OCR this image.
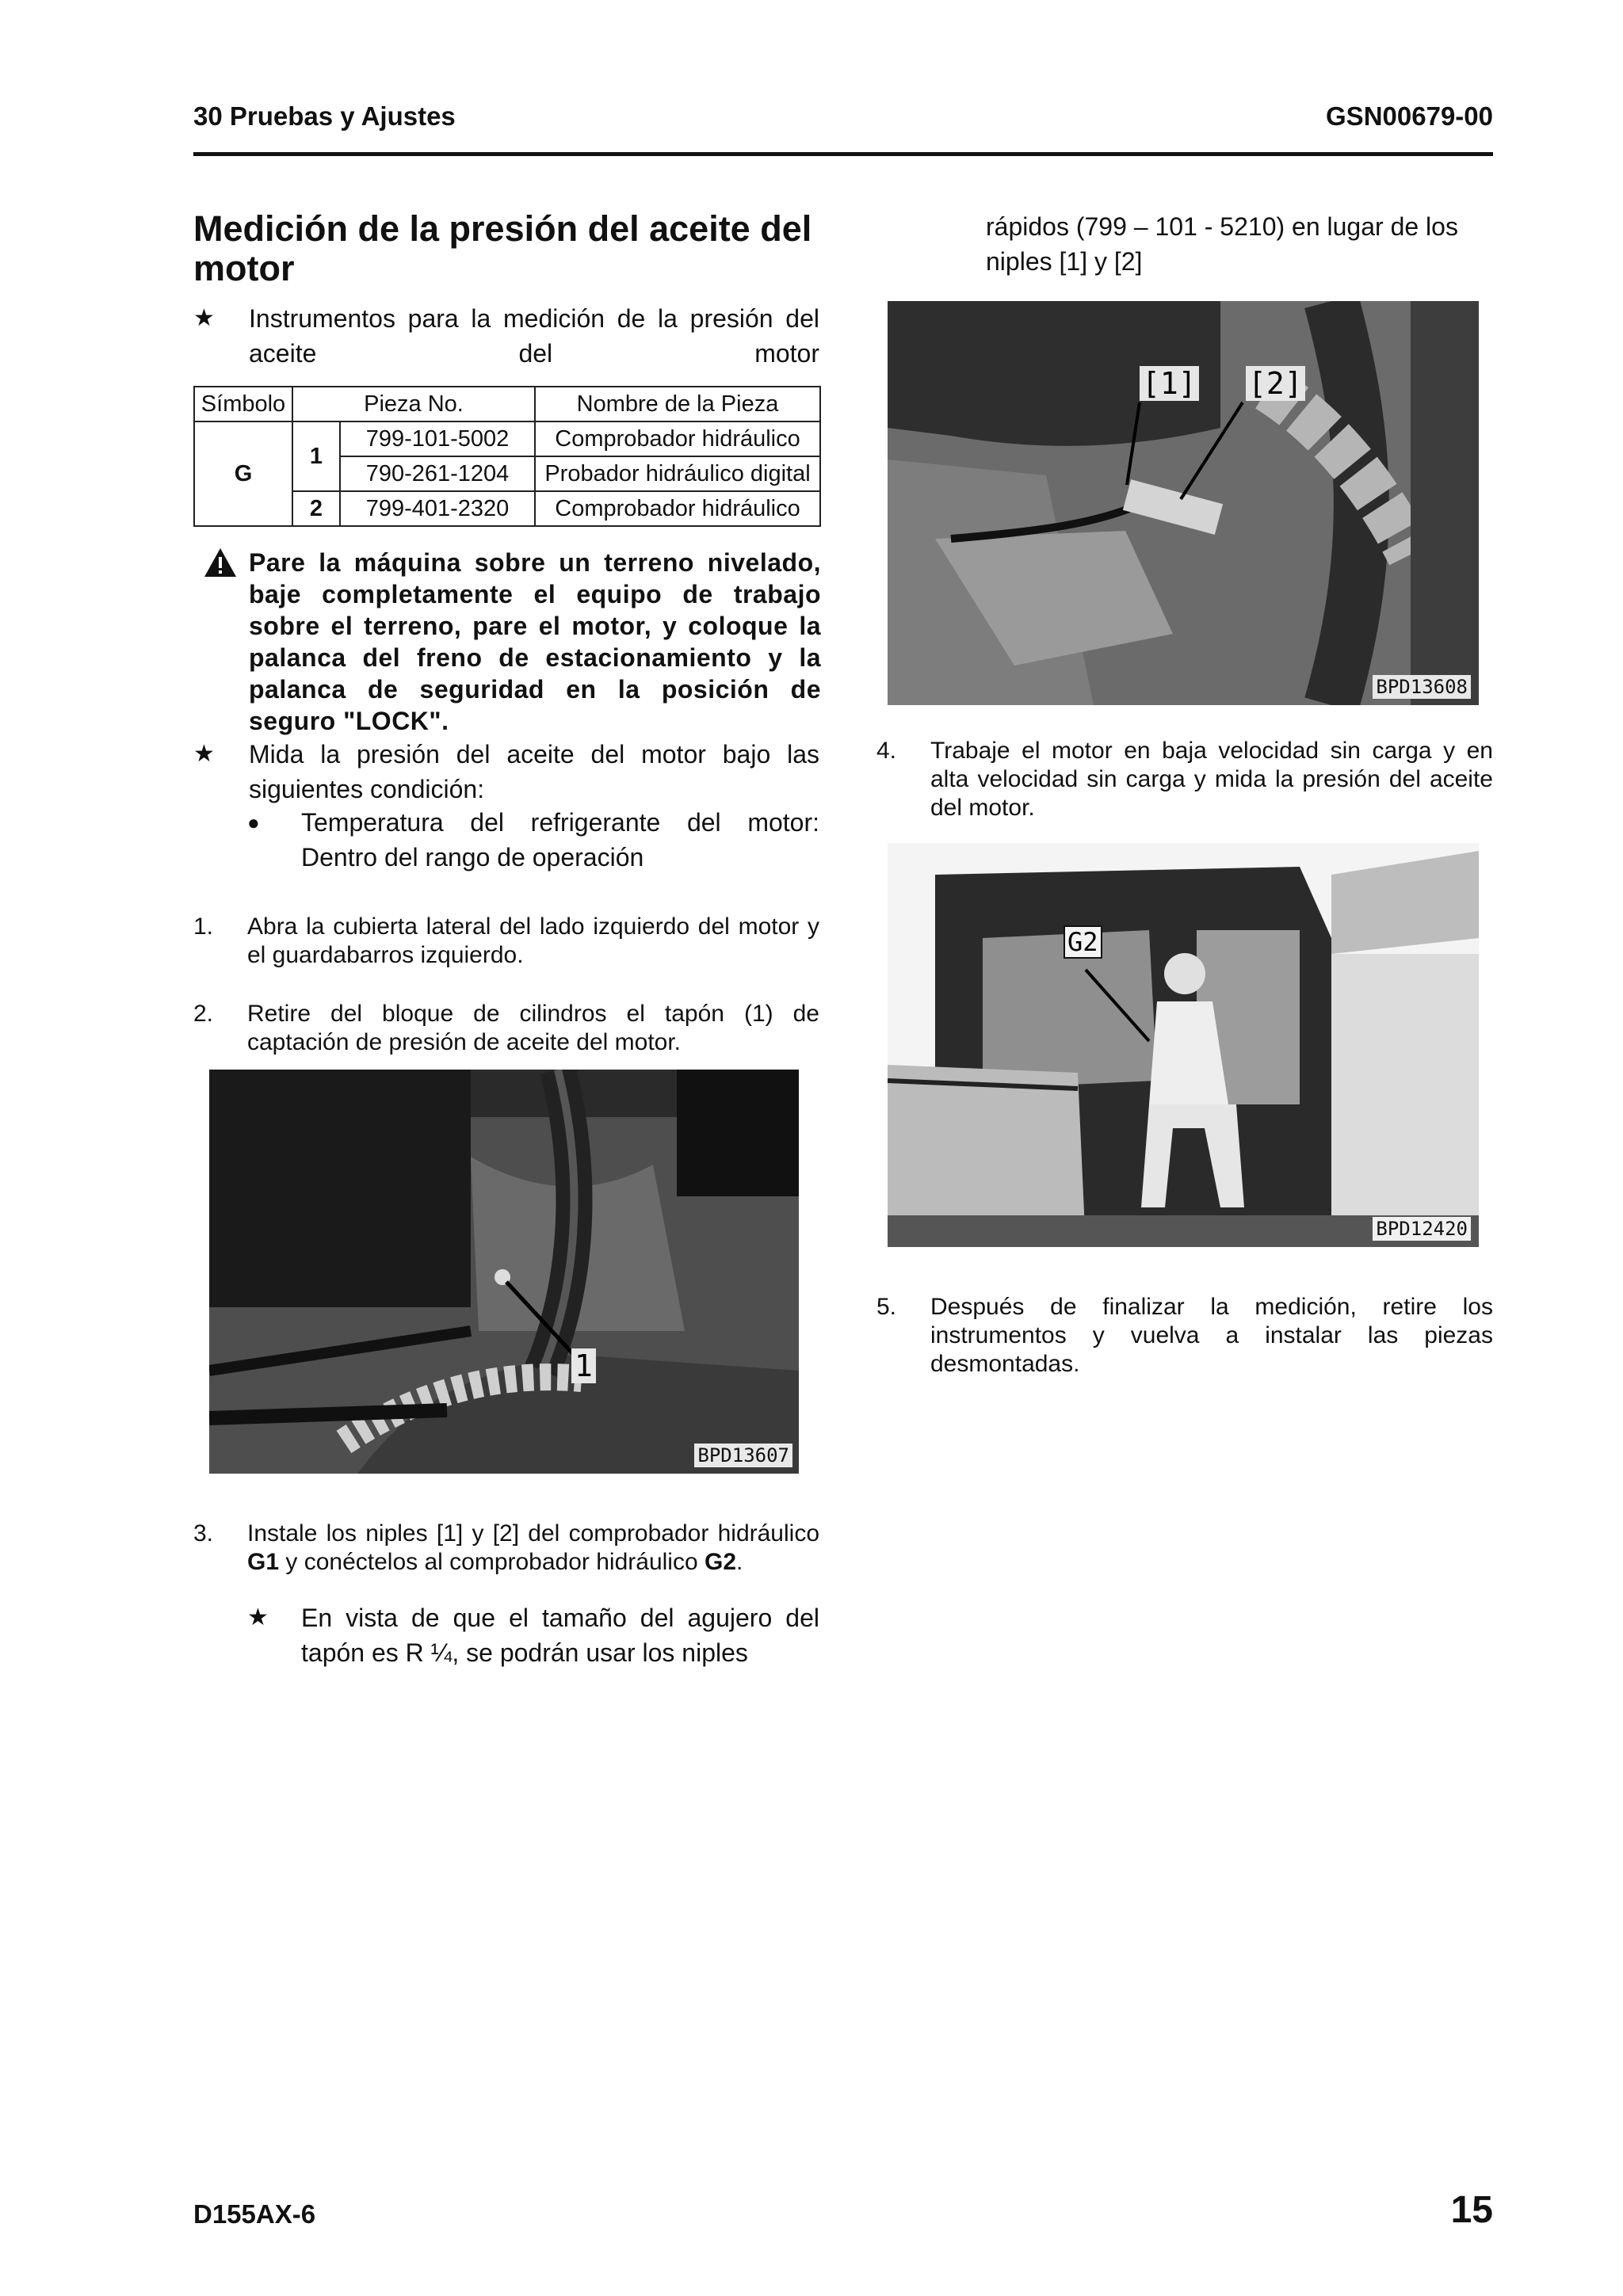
30 Pruebas y Ajustes	GSN00679-00
Medición de la presión del aceite del motor
★ Instrumentos para la medición de la presión del aceite del motor
Símbolo	Pieza No.		Nombre de la Pieza
G	1	799-101-5002	Comprobador hidráulico
		790-261-1204	Probador hidráulico digital
	2	799-401-2320	Comprobador hidráulico
Pare la máquina sobre un terreno nivelado, baje completamente el equipo de trabajo sobre el terreno, pare el motor, y coloque la palanca del freno de estacionamiento y la palanca de seguridad en la posición de seguro "LOCK".
★ Mida la presión del aceite del motor bajo las siguientes condición:
● Temperatura del refrigerante del motor: Dentro del rango de operación
1. Abra la cubierta lateral del lado izquierdo del motor y el guardabarros izquierdo.
2. Retire del bloque de cilindros el tapón (1) de captación de presión de aceite del motor.
1
BPD13607
3. Instale los niples [1] y [2] del comprobador hidráulico G1 y conéctelos al comprobador hidráulico G2.
★ En vista de que el tamaño del agujero del tapón es R ¼, se podrán usar los niples
rápidos (799 – 101 - 5210) en lugar de los niples [1] y [2]
[1] [2]
BPD13608
4. Trabaje el motor en baja velocidad sin carga y en alta velocidad sin carga y mida la presión del aceite del motor.
G2
BPD12420
5. Después de finalizar la medición, retire los instrumentos y vuelva a instalar las piezas desmontadas.
D155AX-6	15
